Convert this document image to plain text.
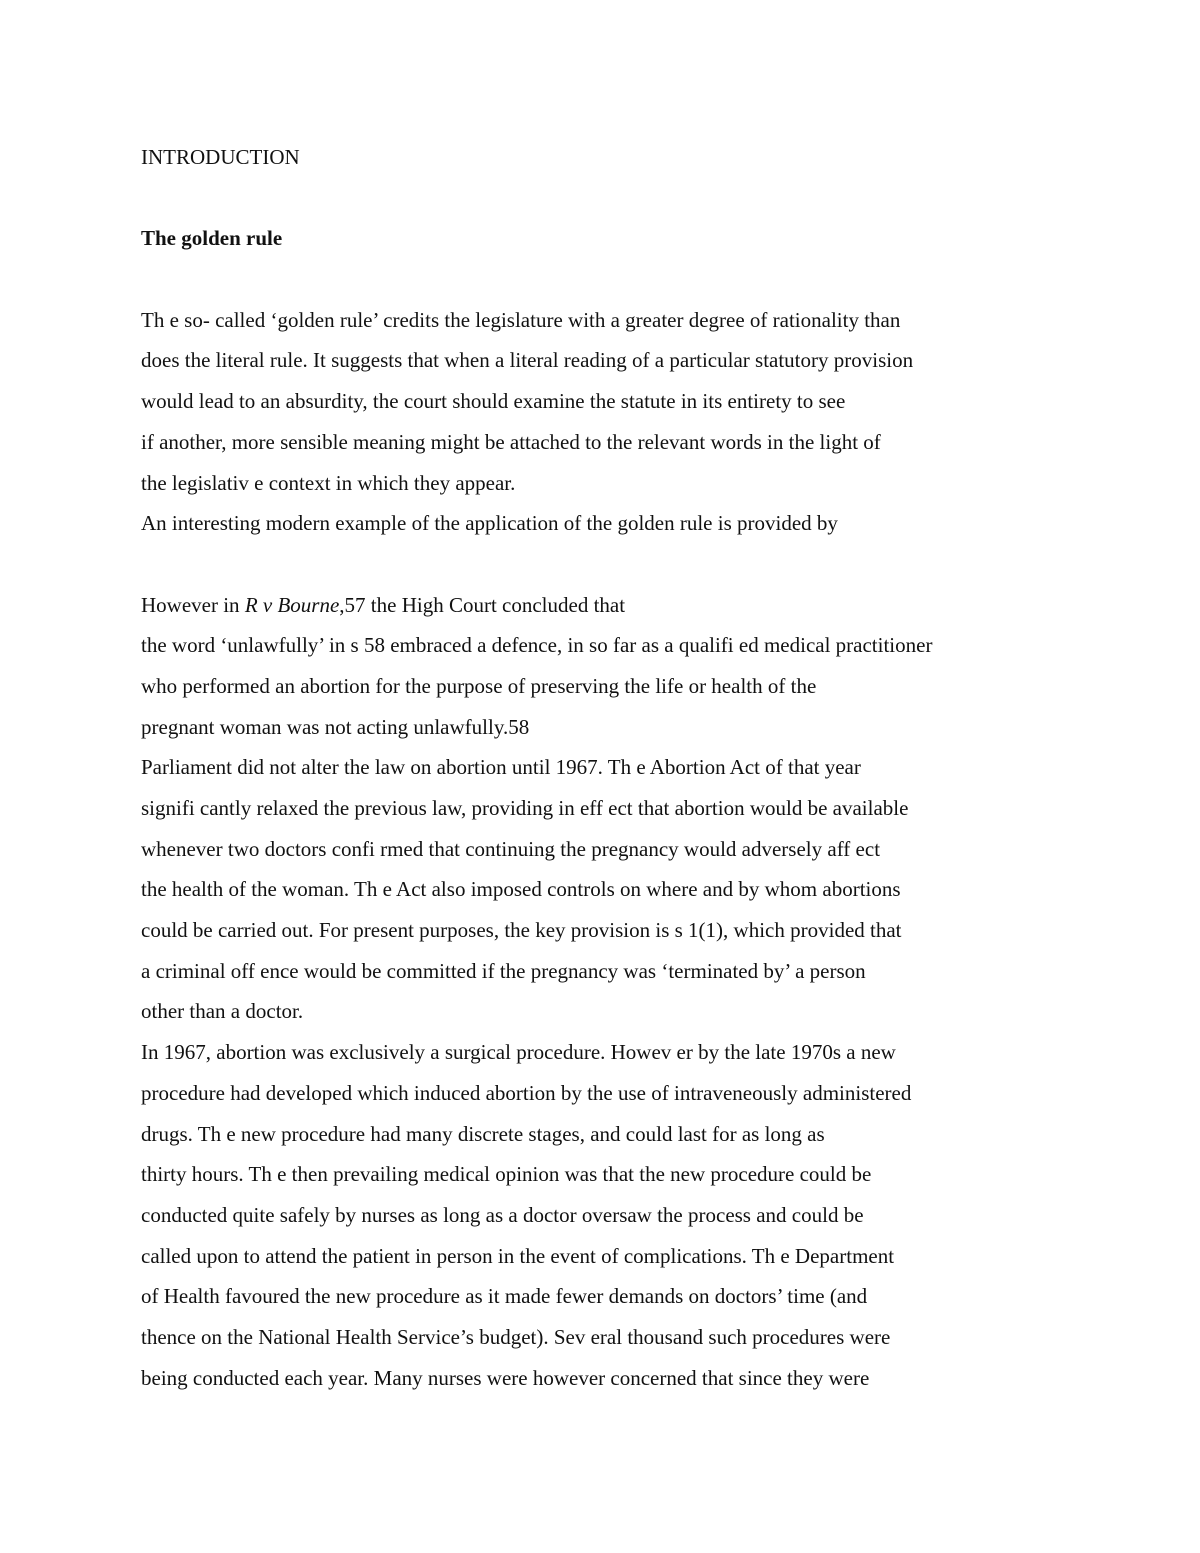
INTRODUCTION
The golden rule
Th e so- called ‘golden rule’ credits the legislature with a greater degree of rationality than
does the literal rule. It suggests that when a literal reading of a particular statutory provision
would lead to an absurdity, the court should examine the statute in its entirety to see
if another, more sensible meaning might be attached to the relevant words in the light of
the legislativ e context in which they appear.
An interesting modern example of the application of the golden rule is provided by
However in R v Bourne,57 the High Court concluded that
the word ‘unlawfully’ in s 58 embraced a defence, in so far as a qualifi ed medical practitioner
who performed an abortion for the purpose of preserving the life or health of the
pregnant woman was not acting unlawfully.58
Parliament did not alter the law on abortion until 1967. Th e Abortion Act of that year
signifi cantly relaxed the previous law, providing in eff ect that abortion would be available
whenever two doctors confi rmed that continuing the pregnancy would adversely aff ect
the health of the woman. Th e Act also imposed controls on where and by whom abortions
could be carried out. For present purposes, the key provision is s 1(1), which provided that
a criminal off ence would be committed if the pregnancy was ‘terminated by’ a person
other than a doctor.
In 1967, abortion was exclusively a surgical procedure. Howev er by the late 1970s a new
procedure had developed which induced abortion by the use of intraveneously administered
drugs. Th e new procedure had many discrete stages, and could last for as long as
thirty hours. Th e then prevailing medical opinion was that the new procedure could be
conducted quite safely by nurses as long as a doctor oversaw the process and could be
called upon to attend the patient in person in the event of complications. Th e Department
of Health favoured the new procedure as it made fewer demands on doctors’ time (and
thence on the National Health Service’s budget). Sev eral thousand such procedures were
being conducted each year. Many nurses were however concerned that since they were
